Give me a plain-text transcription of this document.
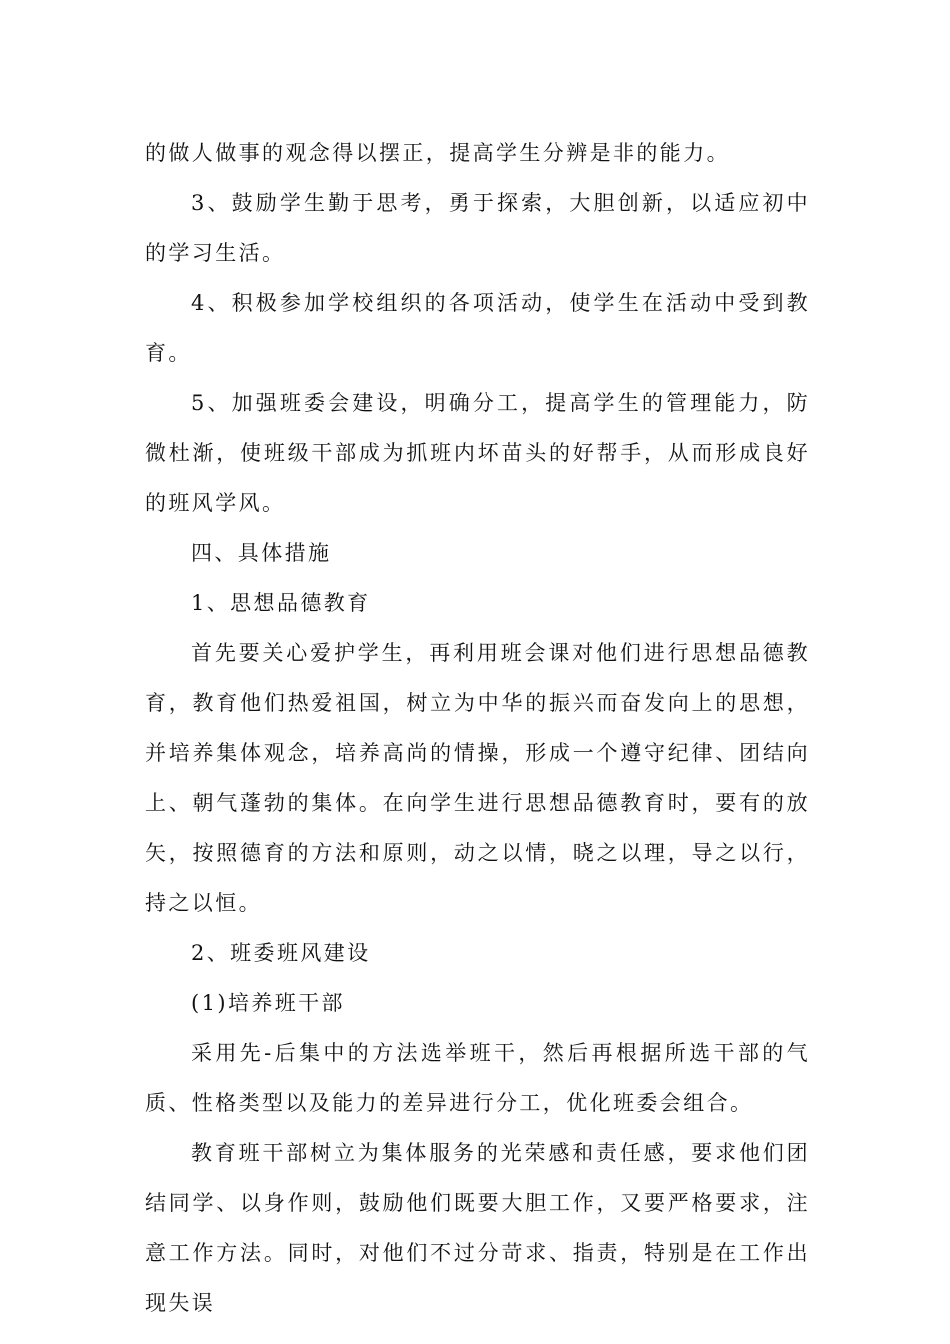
的做人做事的观念得以摆正，提高学生分辨是非的能力。

3、鼓励学生勤于思考，勇于探索，大胆创新，以适应初中的学习生活。

4、积极参加学校组织的各项活动，使学生在活动中受到教育。

5、加强班委会建设，明确分工，提高学生的管理能力，防微杜渐，使班级干部成为抓班内坏苗头的好帮手，从而形成良好的班风学风。

四、具体措施

1、思想品德教育

首先要关心爱护学生，再利用班会课对他们进行思想品德教育，教育他们热爱祖国，树立为中华的振兴而奋发向上的思想，并培养集体观念，培养高尚的情操，形成一个遵守纪律、团结向上、朝气蓬勃的集体。在向学生进行思想品德教育时，要有的放矢，按照德育的方法和原则，动之以情，晓之以理，导之以行，持之以恒。

2、班委班风建设

(1)培养班干部

采用先-后集中的方法选举班干，然后再根据所选干部的气质、性格类型以及能力的差异进行分工，优化班委会组合。

教育班干部树立为集体服务的光荣感和责任感，要求他们团结同学、以身作则，鼓励他们既要大胆工作，又要严格要求，注意工作方法。同时，对他们不过分苛求、指责，特别是在工作出现失误
